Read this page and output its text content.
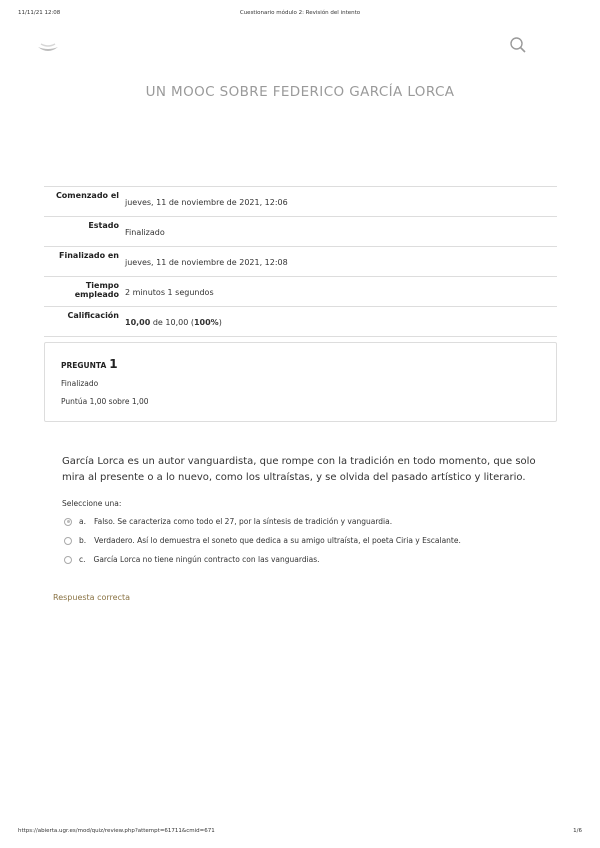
11/11/21 12:08	Cuestionario módulo 2: Revisión del intento
UN MOOC SOBRE FEDERICO GARCÍA LORCA
Comenzado el
jueves, 11 de noviembre de 2021, 12:06
Estado
Finalizado
Finalizado en
jueves, 11 de noviembre de 2021, 12:08
Tiempo empleado 2 minutos 1 segundos
Calificación
10,00 de 10,00 (100%)
PREGUNTA 1
Finalizado
Puntúa 1,00 sobre 1,00
García Lorca es un autor vanguardista, que rompe con la tradición en todo momento, que solo mira al presente o a lo nuevo, como los ultraístas, y se olvida del pasado artístico y literario.
Seleccione una:
a. Falso. Se caracteriza como todo el 27, por la síntesis de tradición y vanguardia.
b. Verdadero. Así lo demuestra el soneto que dedica a su amigo ultraísta, el poeta Ciria y Escalante.
c. García Lorca no tiene ningún contracto con las vanguardias.
Respuesta correcta
https://abierta.ugr.es/mod/quiz/review.php?attempt=61711&cmid=671	1/6
